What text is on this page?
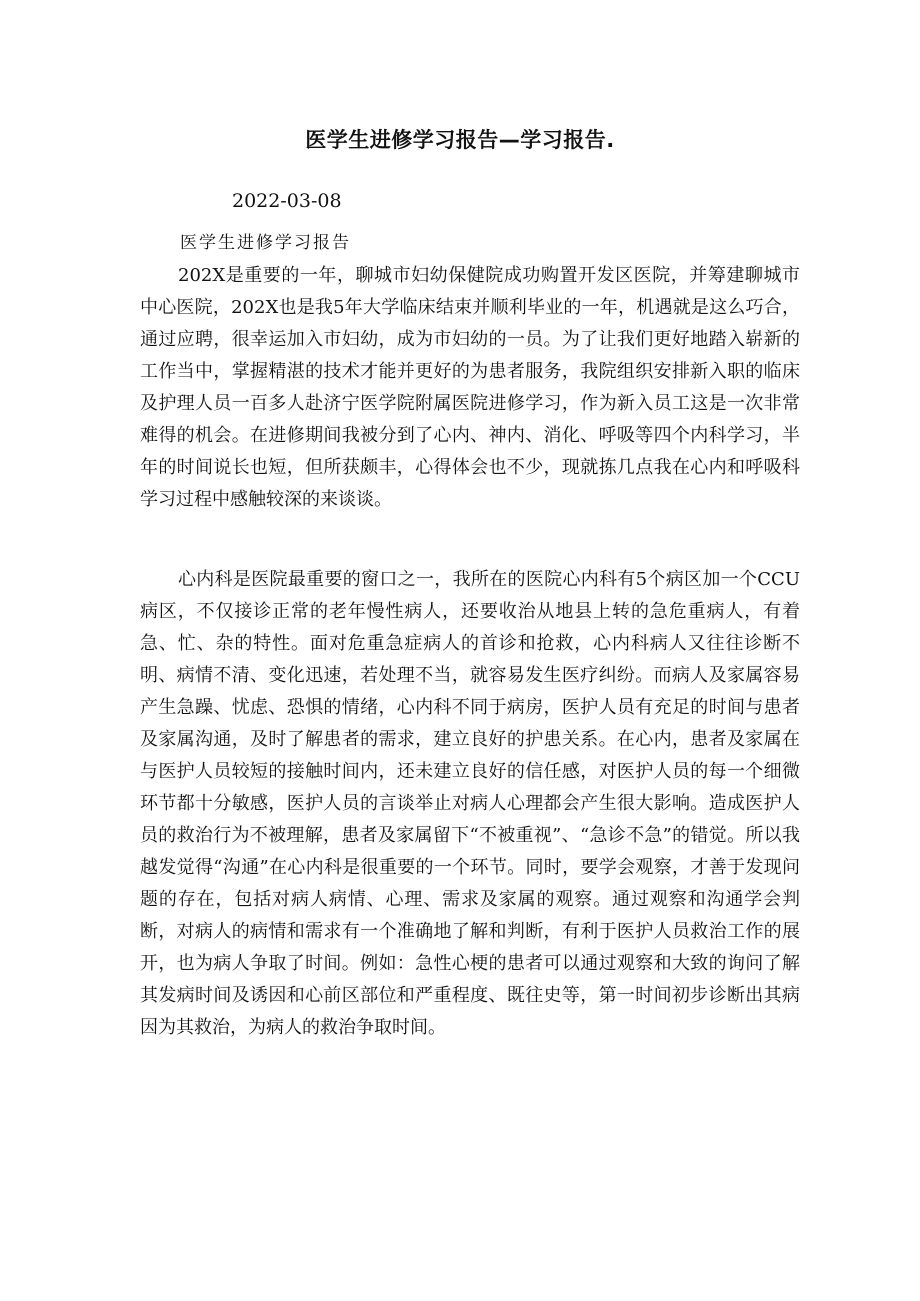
医学生进修学习报告—学习报告.
2022-03-08
医学生进修学习报告

202X是重要的一年，聊城市妇幼保健院成功购置开发区医院，并筹建聊城市中心医院，202X也是我5年大学临床结束并顺利毕业的一年，机遇就是这么巧合，通过应聘，很幸运加入市妇幼，成为市妇幼的一员。为了让我们更好地踏入崭新的工作当中，掌握精湛的技术才能并更好的为患者服务，我院组织安排新入职的临床及护理人员一百多人赴济宁医学院附属医院进修学习，作为新入员工这是一次非常难得的机会。在进修期间我被分到了心内、神内、消化、呼吸等四个内科学习，半年的时间说长也短，但所获颇丰，心得体会也不少，现就拣几点我在心内和呼吸科学习过程中感触较深的来谈谈。

心内科是医院最重要的窗口之一，我所在的医院心内科有5个病区加一个CCU病区，不仅接诊正常的老年慢性病人，还要收治从地县上转的急危重病人，有着急、忙、杂的特性。面对危重急症病人的首诊和抢救，心内科病人又往往诊断不明、病情不清、变化迅速，若处理不当，就容易发生医疗纠纷。而病人及家属容易产生急躁、忧虑、恐惧的情绪，心内科不同于病房，医护人员有充足的时间与患者及家属沟通，及时了解患者的需求，建立良好的护患关系。在心内，患者及家属在与医护人员较短的接触时间内，还未建立良好的信任感，对医护人员的每一个细微环节都十分敏感，医护人员的言谈举止对病人心理都会产生很大影响。造成医护人员的救治行为不被理解，患者及家属留下“不被重视”、“急诊不急”的错觉。所以我越发觉得“沟通”在心内科是很重要的一个环节。同时，要学会观察，才善于发现问题的存在，包括对病人病情、心理、需求及家属的观察。通过观察和沟通学会判断，对病人的病情和需求有一个准确地了解和判断，有利于医护人员救治工作的展开，也为病人争取了时间。例如：急性心梗的患者可以通过观察和大致的询问了解其发病时间及诱因和心前区部位和严重程度、既往史等，第一时间初步诊断出其病因为其救治，为病人的救治争取时间。
